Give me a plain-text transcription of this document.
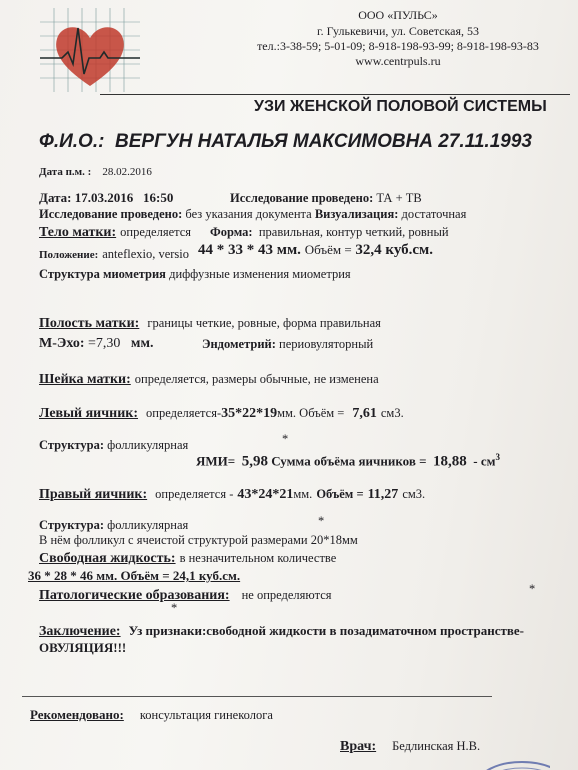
ООО «ПУЛЬС»
г. Гулькевичи, ул. Советская, 53
тел.:3-38-59; 5-01-09; 8-918-198-93-99; 8-918-198-93-83
www.centrpuls.ru
УЗИ ЖЕНСКОЙ ПОЛОВОЙ СИСТЕМЫ
Ф.И.О.: ВЕРГУН НАТАЛЬЯ МАКСИМОВНА 27.11.1993
Дата п.м. : 28.02.2016
Дата: 17.03.2016 16:50	Исследование проведено: ТА + ТВ
Исследование проведено: без указания документа Визуализация: достаточная
Тело матки: определяется Форма: правильная, контур четкий, ровный
Положение: anteflexio, versio 44 * 33 * 43 мм. Объём = 32,4 куб.см.
Структура миометрия диффузные изменения миометрия
Полость матки: границы четкие, ровные, форма правильная
М-Эхо: =7,30 мм.	Эндометрий: периовуляторный
Шейка матки: определяется, размеры обычные, не изменена
Левый яичник: определяется-35*22*19мм. Объём = 7,61 см3.
*
Структура: фолликулярная
ЯМИ= 5,98 Сумма объёма яичников = $18,88 - см^3$
Правый яичник: определяется - 43*24*21мм. Объём = 11,27 см3.
*
Структура: фолликулярная
В нём фолликул с ячеистой структурой размерами 20*18мм
Свободная жидкость: в незначительном количестве
36 * 28 * 46 мм. Объём = 24,1 куб.см.
Патологические образования: не определяются	*
*
Заключение: Уз признаки:свободной жидкости в позадиматочном пространстве-
ОВУЛЯЦИЯ!!!
Рекомендовано: консультация гинеколога
Врач: Бедлинская Н.В.
